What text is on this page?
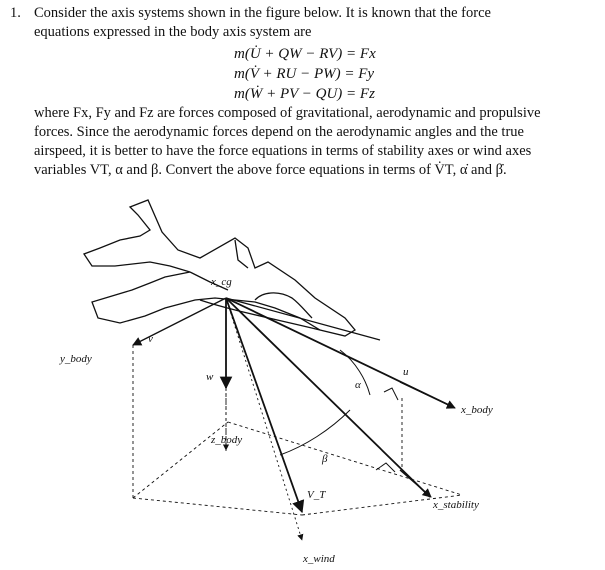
1. Consider the axis systems shown in the figure below. It is known that the force
equations expressed in the body axis system are
m(U̇ + QW − RV) = Fx
m(V̇ + RU − PW) = Fy
m(Ẇ + PV − QU) = Fz
where Fx, Fy and Fz are forces composed of gravitational, aerodynamic and propulsive
forces. Since the aerodynamic forces depend on the aerodynamic angles and the true
airspeed, it is better to have the force equations in terms of stability axes or wind axes
variables VT, α and β. Convert the above force equations in terms of V̇T, α̇ and β̇.
x_cg
y_body
v
w
z_body
α
β
u
x_body
V_T
x_stability
x_wind
